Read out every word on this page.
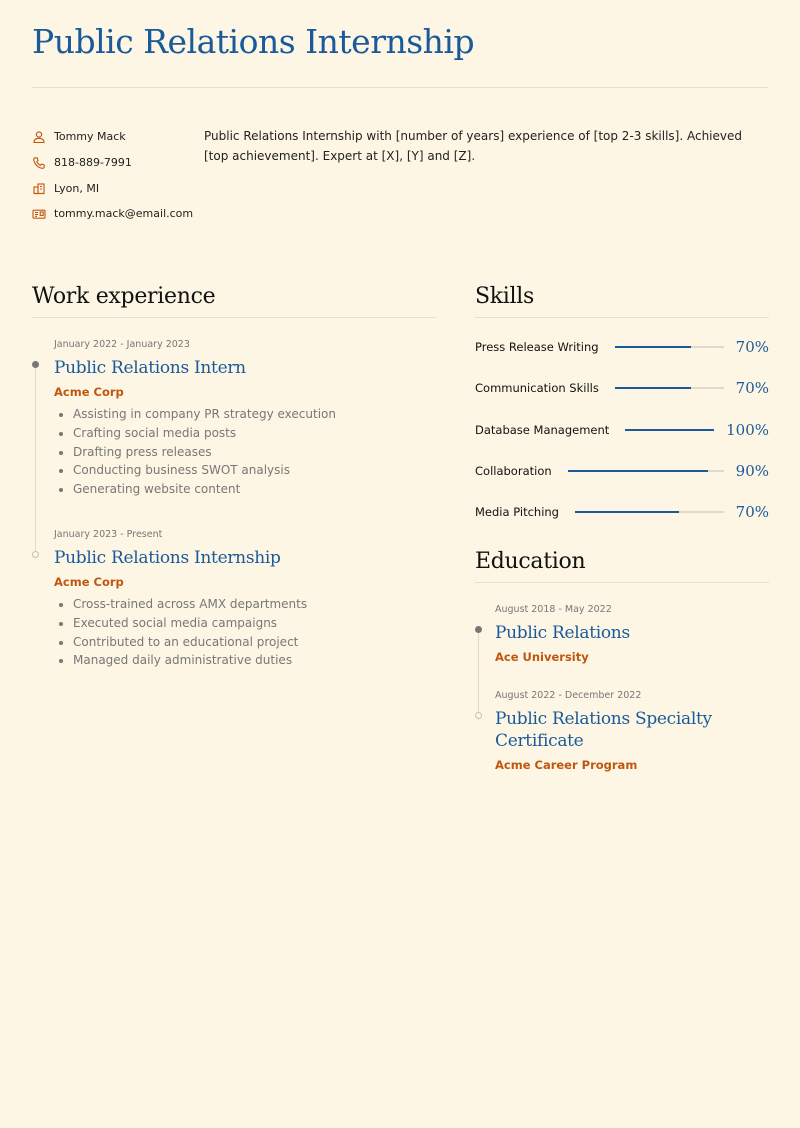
Public Relations Internship
Tommy Mack
818-889-7991
Lyon, MI
tommy.mack@email.com

Public Relations Internship with [number of years] experience of [top 2-3 skills]. Achieved [top achievement]. Expert at [X], [Y] and [Z].

Work experience
January 2022 - January 2023
Public Relations Intern
Acme Corp
• Assisting in company PR strategy execution
• Crafting social media posts
• Drafting press releases
• Conducting business SWOT analysis
• Generating website content
January 2023 - Present
Public Relations Internship
Acme Corp
• Cross-trained across AMX departments
• Executed social media campaigns
• Contributed to an educational project
• Managed daily administrative duties
Skills
Press Release Writing	70%
Communication Skills	70%
Database Management	100%
Collaboration	90%
Media Pitching	70%
Education
August 2018 - May 2022
Public Relations
Ace University
August 2022 - December 2022
Public Relations Specialty Certificate
Acme Career Program
